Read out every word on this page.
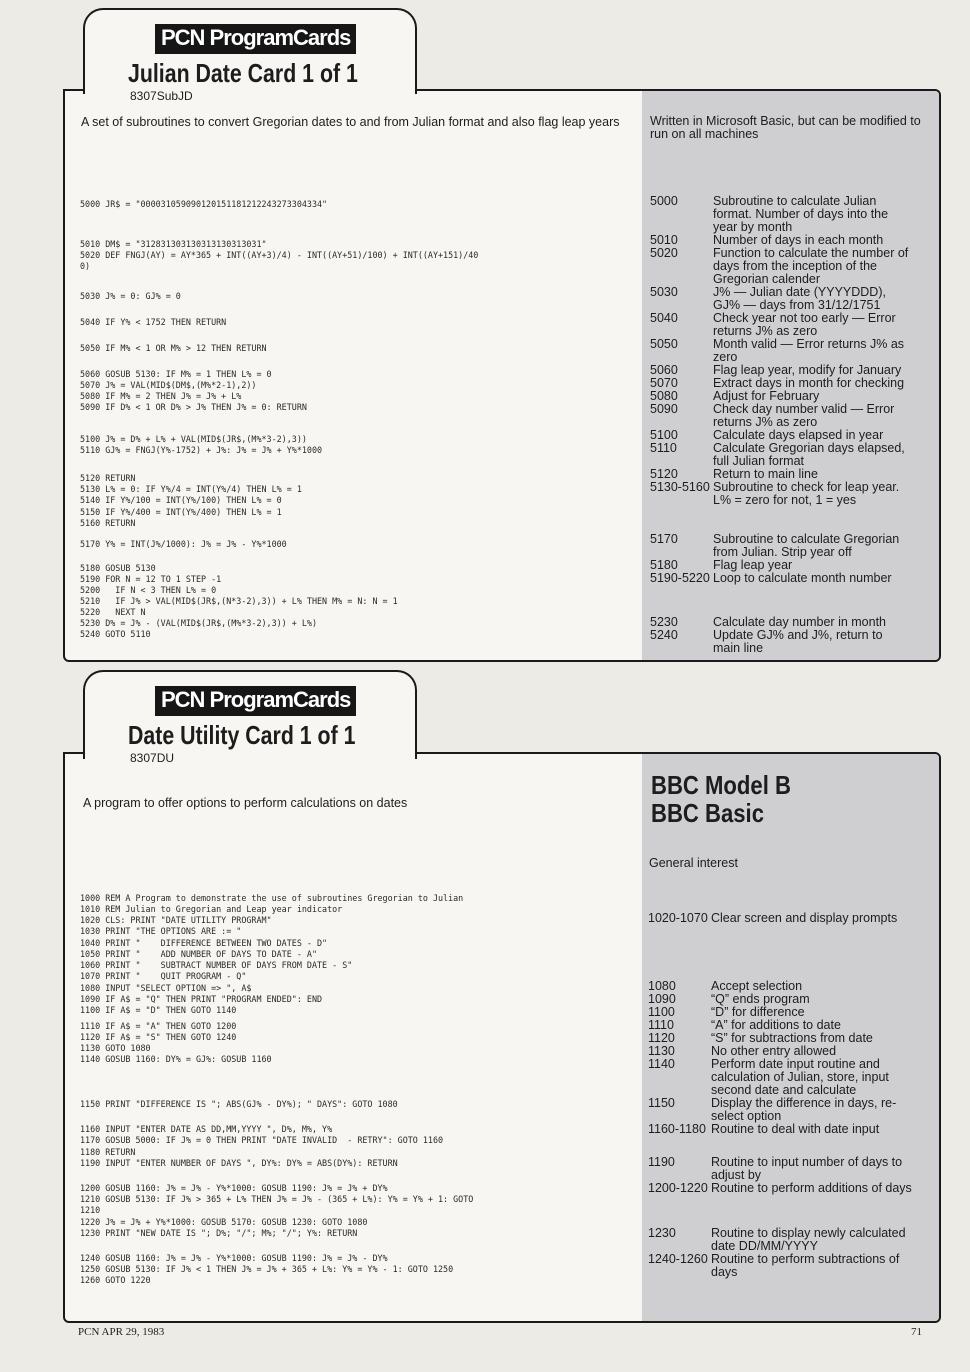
PCN ProgramCards
Julian Date Card 1 of 1
8307SubJD
A set of subroutines to convert Gregorian dates to and from Julian format and also flag leap years	Written in Microsoft Basic, but can be modified to run on all machines
5000 JR$ = "000031059090120151181212243273304334"
5010 DM$ = "312831303130313130313031"
5020 DEF FNGJ(AY) = AY*365 + INT((AY+3)/4) - INT((AY+51)/100) + INT((AY+151)/40
0)
5030 J% = 0: GJ% = 0
5040 IF Y% < 1752 THEN RETURN
5050 IF M% < 1 OR M% > 12 THEN RETURN
5060 GOSUB 5130: IF M% = 1 THEN L% = 0
5070 J% = VAL(MID$(DM$,(M%*2-1),2))
5080 IF M% = 2 THEN J% = J% + L%
5090 IF D% < 1 OR D% > J% THEN J% = 0: RETURN
5100 J% = D% + L% + VAL(MID$(JR$,(M%*3-2),3))
5110 GJ% = FNGJ(Y%-1752) + J%: J% = J% + Y%*1000
5120 RETURN
5130 L% = 0: IF Y%/4 = INT(Y%/4) THEN L% = 1
5140 IF Y%/100 = INT(Y%/100) THEN L% = 0
5150 IF Y%/400 = INT(Y%/400) THEN L% = 1
5160 RETURN
5170 Y% = INT(J%/1000): J% = J% - Y%*1000
5180 GOSUB 5130
5190 FOR N = 12 TO 1 STEP -1
5200   IF N < 3 THEN L% = 0
5210   IF J% > VAL(MID$(JR$,(N*3-2),3)) + L% THEN M% = N: N = 1
5220   NEXT N
5230 D% = J% - (VAL(MID$(JR$,(M%*3-2),3)) + L%)
5240 GOTO 5110
5000	Subroutine to calculate Julian format. Number of days into the year by month
5010	Number of days in each month
5020	Function to calculate the number of days from the inception of the Gregorian calender
5030	J% — Julian date (YYYYDDD), GJ% — days from 31/12/1751
5040	Check year not too early — Error returns J% as zero
5050	Month valid — Error returns J% as zero
5060	Flag leap year, modify for January
5070	Extract days in month for checking
5080	Adjust for February
5090	Check day number valid — Error returns J% as zero
5100	Calculate days elapsed in year
5110	Calculate Gregorian days elapsed, full Julian format
5120	Return to main line
5130-5160 Subroutine to check for leap year. L% = zero for not, 1 = yes
5170	Subroutine to calculate Gregorian from Julian. Strip year off
5180	Flag leap year
5190-5220 Loop to calculate month number
5230	Calculate day number in month
5240	Update GJ% and J%, return to main line
PCN ProgramCards
Date Utility Card 1 of 1
8307DU
A program to offer options to perform calculations on dates
BBC Model B
BBC Basic
General interest
1000 REM A Program to demonstrate the use of subroutines Gregorian to Julian
1010 REM Julian to Gregorian and Leap year indicator
1020 CLS: PRINT "DATE UTILITY PROGRAM"
1030 PRINT "THE OPTIONS ARE := "
1040 PRINT "    DIFFERENCE BETWEEN TWO DATES - D"
1050 PRINT "    ADD NUMBER OF DAYS TO DATE - A"
1060 PRINT "    SUBTRACT NUMBER OF DAYS FROM DATE - S"
1070 PRINT "    QUIT PROGRAM - Q"
1080 INPUT "SELECT OPTION => ", A$
1090 IF A$ = "Q" THEN PRINT "PROGRAM ENDED": END
1100 IF A$ = "D" THEN GOTO 1140
1110 IF A$ = "A" THEN GOTO 1200
1120 IF A$ = "S" THEN GOTO 1240
1130 GOTO 1080
1140 GOSUB 1160: DY% = GJ%: GOSUB 1160
1150 PRINT "DIFFERENCE IS "; ABS(GJ% - DY%); " DAYS": GOTO 1080
1160 INPUT "ENTER DATE AS DD,MM,YYYY ", D%, M%, Y%
1170 GOSUB 5000: IF J% = 0 THEN PRINT "DATE INVALID  - RETRY": GOTO 1160
1180 RETURN
1190 INPUT "ENTER NUMBER OF DAYS ", DY%: DY% = ABS(DY%): RETURN
1200 GOSUB 1160: J% = J% - Y%*1000: GOSUB 1190: J% = J% + DY%
1210 GOSUB 5130: IF J% > 365 + L% THEN J% = J% - (365 + L%): Y% = Y% + 1: GOTO
1210
1220 J% = J% + Y%*1000: GOSUB 5170: GOSUB 1230: GOTO 1080
1230 PRINT "NEW DATE IS "; D%; "/"; M%; "/"; Y%: RETURN
1240 GOSUB 1160: J% = J% - Y%*1000: GOSUB 1190: J% = J% - DY%
1250 GOSUB 5130: IF J% < 1 THEN J% = J% + 365 + L%: Y% = Y% - 1: GOTO 1250
1260 GOTO 1220
1020-1070 Clear screen and display prompts
1080	Accept selection
1090	“Q” ends program
1100	“D” for difference
1110	“A” for additions to date
1120	“S” for subtractions from date
1130	No other entry allowed
1140	Perform date input routine and calculation of Julian, store, input second date and calculate
1150	Display the difference in days, re-select option
1160-1180 Routine to deal with date input
1190	Routine to input number of days to adjust by
1200-1220 Routine to perform additions of days
1230	Routine to display newly calculated date DD/MM/YYYY
1240-1260 Routine to perform subtractions of days
PCN APR 29, 1983	71
